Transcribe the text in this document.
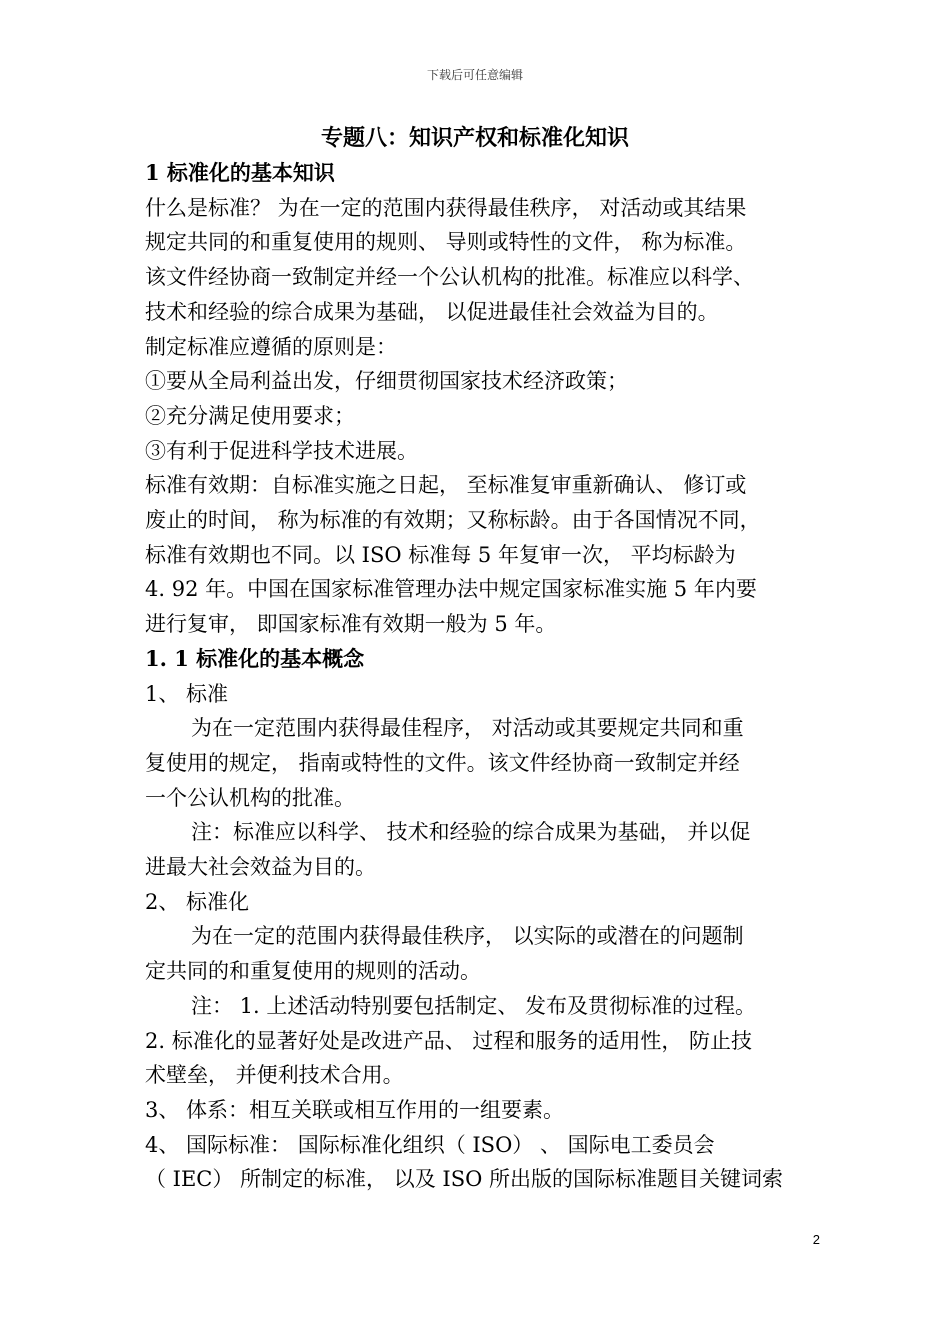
下载后可任意编辑
专题八：知识产权和标准化知识

1 标准化的基本知识

什么是标准？ 为在一定的范围内获得最佳秩序， 对活动或其结果

规定共同的和重复使用的规则、 导则或特性的文件， 称为标准。

该文件经协商一致制定并经一个公认机构的批准。标准应以科学、

技术和经验的综合成果为基础， 以促进最佳社会效益为目的。

制定标准应遵循的原则是：

①要从全局利益出发，仔细贯彻国家技术经济政策；

②充分满足使用要求；

③有利于促进科学技术进展。

标准有效期：自标准实施之日起， 至标准复审重新确认、 修订或

废止的时间， 称为标准的有效期；又称标龄。由于各国情况不同，

标准有效期也不同。以 ISO 标准每 5 年复审一次， 平均标龄为

4. 92 年。中国在国家标准管理办法中规定国家标准实施 5 年内要

进行复审， 即国家标准有效期一般为 5 年。

1. 1 标准化的基本概念

1、 标准

为在一定范围内获得最佳程序， 对活动或其要规定共同和重

复使用的规定， 指南或特性的文件。该文件经协商一致制定并经

一个公认机构的批准。

注：标准应以科学、 技术和经验的综合成果为基础， 并以促

进最大社会效益为目的。

2、 标准化

为在一定的范围内获得最佳秩序， 以实际的或潜在的问题制

定共同的和重复使用的规则的活动。

注： 1. 上述活动特别要包括制定、 发布及贯彻标准的过程。

2. 标准化的显著好处是改进产品、 过程和服务的适用性， 防止技

术壁垒， 并便利技术合用。

3、 体系：相互关联或相互作用的一组要素。

4、 国际标准： 国际标准化组织（ ISO） 、 国际电工委员会

（ IEC） 所制定的标准， 以及 ISO 所出版的国际标准题目关键词索

2
